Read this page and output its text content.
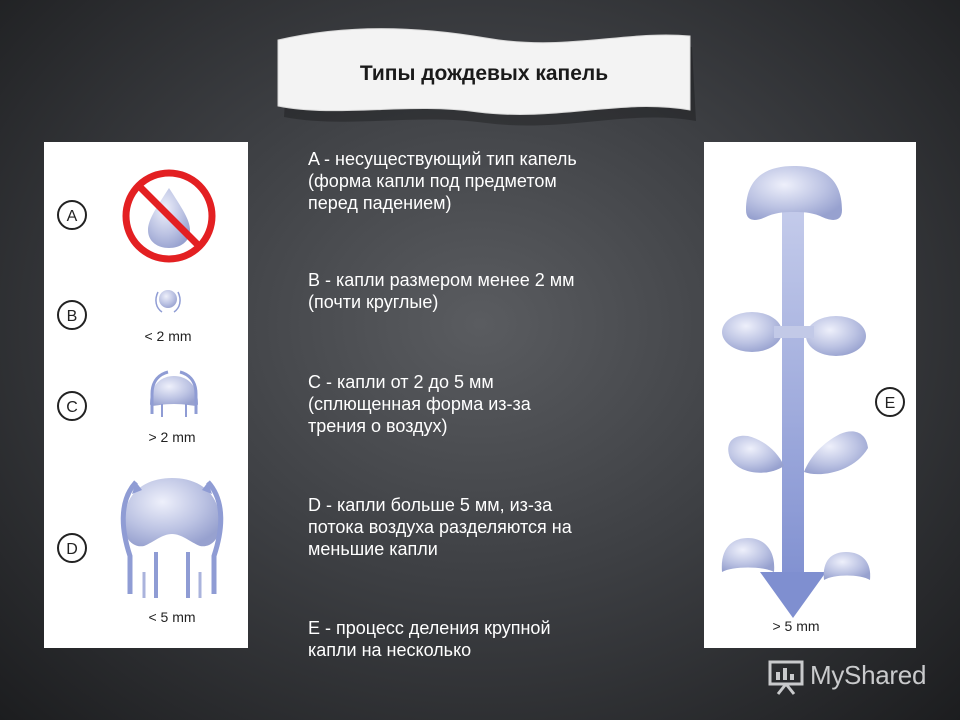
Типы дождевых капель
A
B
< 2 mm
C
> 2 mm
D
< 5 mm
A - несуществующий тип капель
(форма капли под предметом
перед падением)
B - капли размером менее 2 мм
(почти круглые)
C - капли от 2 до 5 мм
(сплющенная форма из-за
трения о воздух)
D - капли больше 5 мм, из-за
потока воздуха разделяются на
меньшие капли
E - процесс деления крупной
капли на несколько
E
> 5 mm
MyShared
